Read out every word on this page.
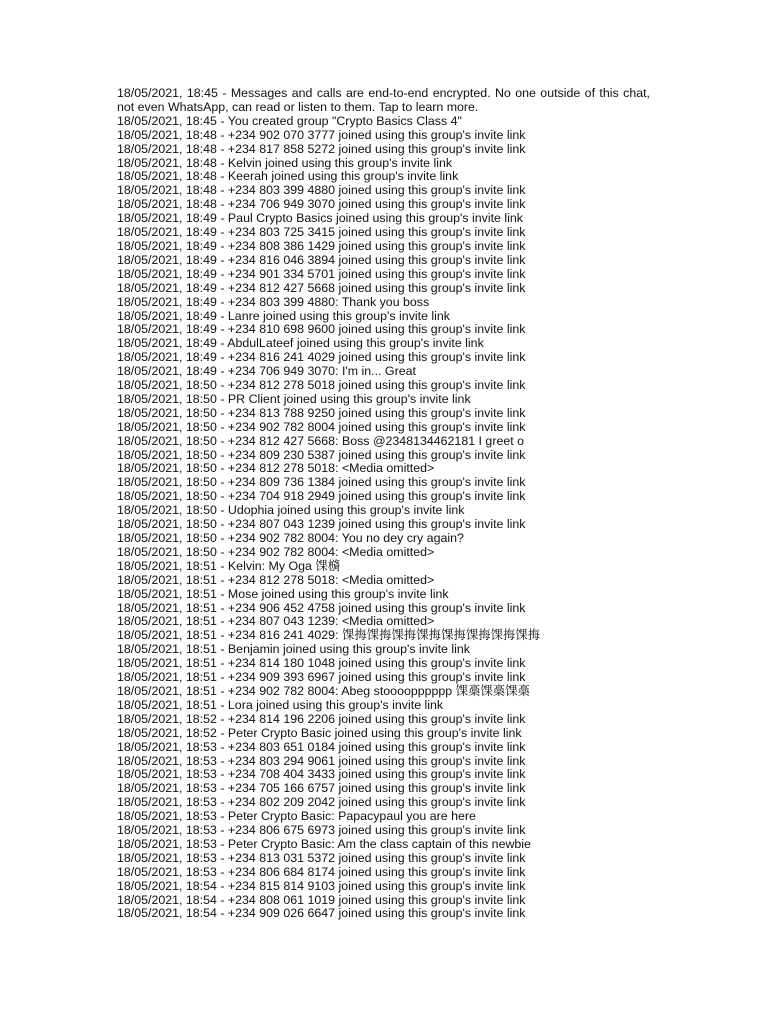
18/05/2021, 18:45 - Messages and calls are end-to-end encrypted. No one outside of this chat, not even WhatsApp, can read or listen to them. Tap to learn more.
18/05/2021, 18:45 - You created group "Crypto Basics Class 4"
18/05/2021, 18:48 - +234 902 070 3777 joined using this group's invite link
18/05/2021, 18:48 - +234 817 858 5272 joined using this group's invite link
18/05/2021, 18:48 - Kelvin joined using this group's invite link
18/05/2021, 18:48 - Keerah joined using this group's invite link
18/05/2021, 18:48 - +234 803 399 4880 joined using this group's invite link
18/05/2021, 18:48 - +234 706 949 3070 joined using this group's invite link
18/05/2021, 18:49 - Paul Crypto Basics joined using this group's invite link
18/05/2021, 18:49 - +234 803 725 3415 joined using this group's invite link
18/05/2021, 18:49 - +234 808 386 1429 joined using this group's invite link
18/05/2021, 18:49 - +234 816 046 3894 joined using this group's invite link
18/05/2021, 18:49 - +234 901 334 5701 joined using this group's invite link
18/05/2021, 18:49 - +234 812 427 5668 joined using this group's invite link
18/05/2021, 18:49 - +234 803 399 4880: Thank you boss
18/05/2021, 18:49 - Lanre joined using this group's invite link
18/05/2021, 18:49 - +234 810 698 9600 joined using this group's invite link
18/05/2021, 18:49 - AbdulLateef joined using this group's invite link
18/05/2021, 18:49 - +234 816 241 4029 joined using this group's invite link
18/05/2021, 18:49 - +234 706 949 3070: I'm in... Great
18/05/2021, 18:50 - +234 812 278 5018 joined using this group's invite link
18/05/2021, 18:50 - PR Client joined using this group's invite link
18/05/2021, 18:50 - +234 813 788 9250 joined using this group's invite link
18/05/2021, 18:50 - +234 902 782 8004 joined using this group's invite link
18/05/2021, 18:50 - +234 812 427 5668: Boss @2348134462181 I greet o
18/05/2021, 18:50 - +234 809 230 5387 joined using this group's invite link
18/05/2021, 18:50 - +234 812 278 5018: <Media omitted>
18/05/2021, 18:50 - +234 809 736 1384 joined using this group's invite link
18/05/2021, 18:50 - +234 704 918 2949 joined using this group's invite link
18/05/2021, 18:50 - Udophia joined using this group's invite link
18/05/2021, 18:50 - +234 807 043 1239 joined using this group's invite link
18/05/2021, 18:50 - +234 902 782 8004: You no dey cry again?
18/05/2021, 18:50 - +234 902 782 8004: <Media omitted>
18/05/2021, 18:51 - Kelvin: My Oga 馃檹
18/05/2021, 18:51 - +234 812 278 5018: <Media omitted>
18/05/2021, 18:51 - Mose joined using this group's invite link
18/05/2021, 18:51 - +234 906 452 4758 joined using this group's invite link
18/05/2021, 18:51 - +234 807 043 1239: <Media omitted>
18/05/2021, 18:51 - +234 816 241 4029: 馃挴馃挴馃挴馃挴馃挴馃挴馃挴馃挴
18/05/2021, 18:51 - Benjamin joined using this group's invite link
18/05/2021, 18:51 - +234 814 180 1048 joined using this group's invite link
18/05/2021, 18:51 - +234 909 393 6967 joined using this group's invite link
18/05/2021, 18:51 - +234 902 782 8004: Abeg stoooopppppp 馃槀馃槀馃槀
18/05/2021, 18:51 - Lora joined using this group's invite link
18/05/2021, 18:52 - +234 814 196 2206 joined using this group's invite link
18/05/2021, 18:52 - Peter Crypto Basic joined using this group's invite link
18/05/2021, 18:53 - +234 803 651 0184 joined using this group's invite link
18/05/2021, 18:53 - +234 803 294 9061 joined using this group's invite link
18/05/2021, 18:53 - +234 708 404 3433 joined using this group's invite link
18/05/2021, 18:53 - +234 705 166 6757 joined using this group's invite link
18/05/2021, 18:53 - +234 802 209 2042 joined using this group's invite link
18/05/2021, 18:53 - Peter Crypto Basic: Papacypaul you are here
18/05/2021, 18:53 - +234 806 675 6973 joined using this group's invite link
18/05/2021, 18:53 - Peter Crypto Basic: Am the class captain of this newbie
18/05/2021, 18:53 - +234 813 031 5372 joined using this group's invite link
18/05/2021, 18:53 - +234 806 684 8174 joined using this group's invite link
18/05/2021, 18:54 - +234 815 814 9103 joined using this group's invite link
18/05/2021, 18:54 - +234 808 061 1019 joined using this group's invite link
18/05/2021, 18:54 - +234 909 026 6647 joined using this group's invite link
